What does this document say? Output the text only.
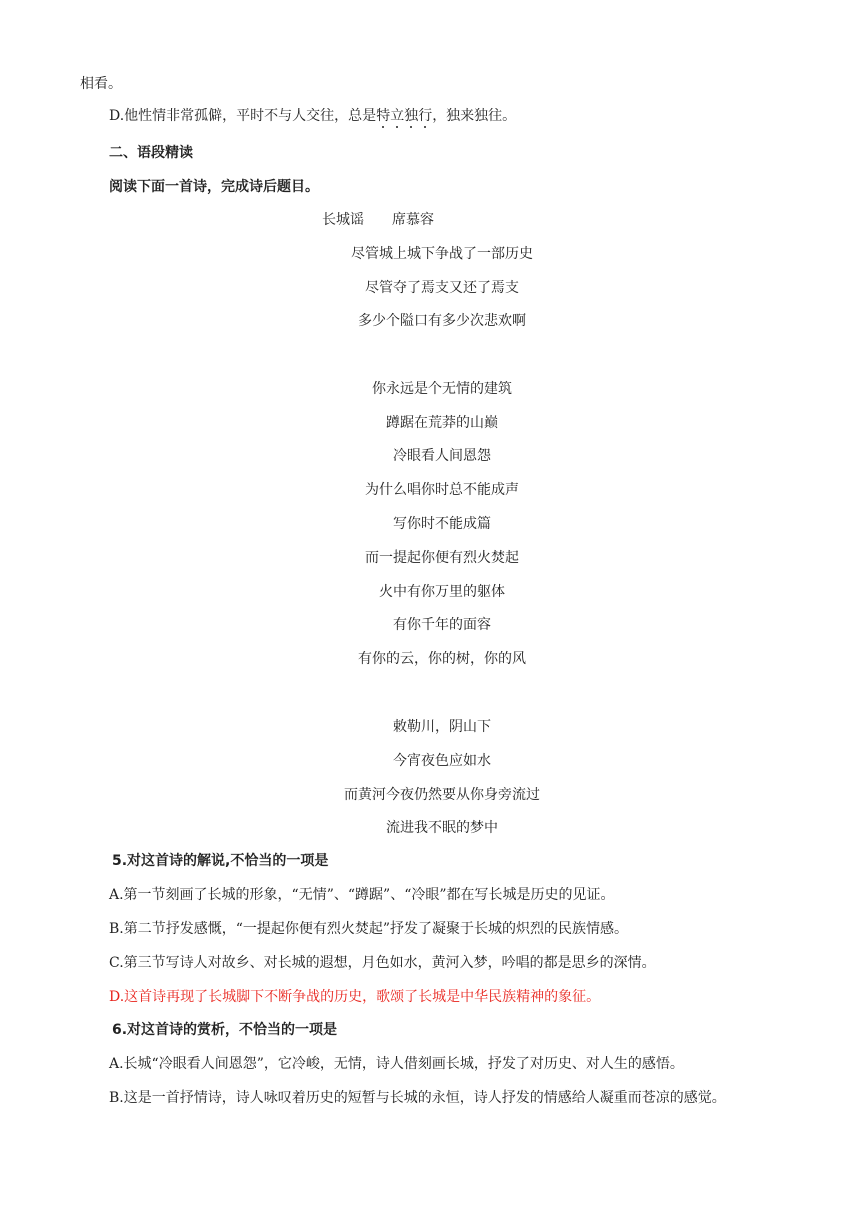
相看。
D.他性情非常孤僻，平时不与人交往，总是特立独行，独来独往。
二、语段精读
阅读下面一首诗，完成诗后题目。
长城谣 席慕容
尽管城上城下争战了一部历史
尽管夺了焉支又还了焉支
多少个隘口有多少次悲欢啊
你永远是个无情的建筑
蹲踞在荒莽的山巅
冷眼看人间恩怨
为什么唱你时总不能成声
写你时不能成篇
而一提起你便有烈火焚起
火中有你万里的躯体
有你千年的面容
有你的云，你的树，你的风
敕勒川，阴山下
今宵夜色应如水
而黄河今夜仍然要从你身旁流过
流进我不眠的梦中
5.对这首诗的解说,不恰当的一项是
A.第一节刻画了长城的形象，“无情”、“蹲踞”、“冷眼”都在写长城是历史的见证。
B.第二节抒发感慨，“一提起你便有烈火焚起”抒发了凝聚于长城的炽烈的民族情感。
C.第三节写诗人对故乡、对长城的遐想，月色如水，黄河入梦，吟唱的都是思乡的深情。
D.这首诗再现了长城脚下不断争战的历史，歌颂了长城是中华民族精神的象征。
6.对这首诗的赏析，不恰当的一项是
A.长城“冷眼看人间恩怨”，它冷峻，无情，诗人借刻画长城，抒发了对历史、对人生的感悟。
B.这是一首抒情诗，诗人咏叹着历史的短暂与长城的永恒，诗人抒发的情感给人凝重而苍凉的感觉。
